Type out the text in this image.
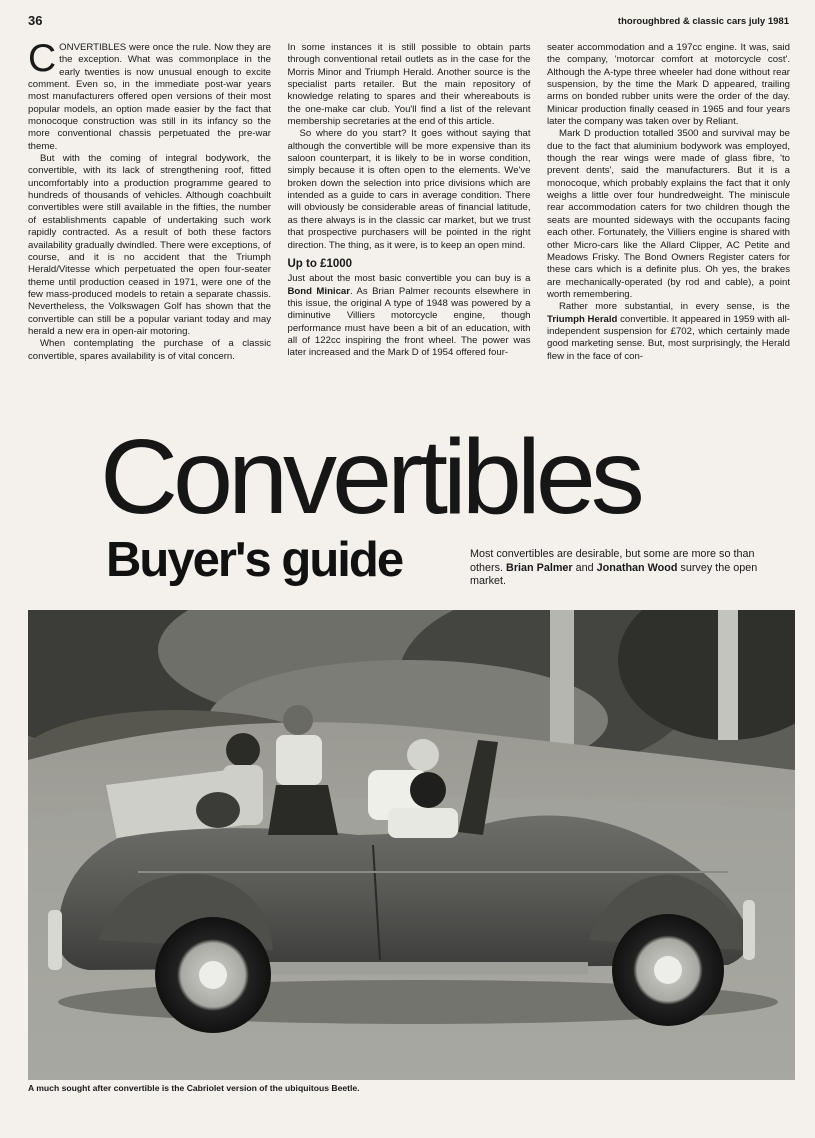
36	thoroughbred & classic cars july 1981

CONVERTIBLES were once the rule. Now they are the exception. What was commonplace in the early twenties is now unusual enough to excite comment. Even so, in the immediate post-war years most manufacturers offered open versions of their most popular models, an option made easier by the fact that monocoque construction was still in its infancy so the more conventional chassis perpetuated the pre-war theme.

But with the coming of integral bodywork, the convertible, with its lack of strengthening roof, fitted uncomfortably into a production programme geared to hundreds of thousands of vehicles. Although coachbuilt convertibles were still available in the fifties, the number of establishments capable of undertaking such work rapidly contracted. As a result of both these factors availability gradually dwindled. There were exceptions, of course, and it is no accident that the Triumph Herald/Vitesse which perpetuated the open four-seater theme until production ceased in 1971, were one of the few mass-produced models to retain a separate chassis. Nevertheless, the Volkswagen Golf has shown that the convertible can still be a popular variant today and may herald a new era in open-air motoring.

When contemplating the purchase of a classic convertible, spares availability is of vital concern.

In some instances it is still possible to obtain parts through conventional retail outlets as in the case for the Morris Minor and Triumph Herald. Another source is the specialist parts retailer. But the main repository of knowledge relating to spares and their whereabouts is the one-make car club. You'll find a list of the relevant membership secretaries at the end of this article.

So where do you start? It goes without saying that although the convertible will be more expensive than its saloon counterpart, it is likely to be in worse condition, simply because it is often open to the elements. We've broken down the selection into price divisions which are intended as a guide to cars in average condition. There will obviously be considerable areas of financial latitude, as there always is in the classic car market, but we trust that prospective purchasers will be pointed in the right direction. The thing, as it were, is to keep an open mind.

Up to £1000

Just about the most basic convertible you can buy is a Bond Minicar. As Brian Palmer recounts elsewhere in this issue, the original A type of 1948 was powered by a diminutive Villiers motorcycle engine, though performance must have been a bit of an education, with all of 122cc inspiring the front wheel. The power was later increased and the Mark D of 1954 offered four-

seater accommodation and a 197cc engine. It was, said the company, 'motorcar comfort at motorcycle cost'. Although the A-type three wheeler had done without rear suspension, by the time the Mark D appeared, trailing arms on bonded rubber units were the order of the day. Minicar production finally ceased in 1965 and four years later the company was taken over by Reliant.

Mark D production totalled 3500 and survival may be due to the fact that aluminium bodywork was employed, though the rear wings were made of glass fibre, 'to prevent dents', said the manufacturers. But it is a monocoque, which probably explains the fact that it only weighs a little over four hundredweight. The miniscule rear accommodation caters for two children though the seats are mounted sideways with the occupants facing each other. Fortunately, the Villiers engine is shared with other Micro-cars like the Allard Clipper, AC Petite and Meadows Frisky. The Bond Owners Register caters for these cars which is a definite plus. Oh yes, the brakes are mechanically-operated (by rod and cable), a point worth remembering.

Rather more substantial, in every sense, is the Triumph Herald convertible. It appeared in 1959 with all-independent suspension for £702, which certainly made good marketing sense. But, most surprisingly, the Herald flew in the face of con-

Convertibles
Buyer's guide	Most convertibles are desirable, but some are more so than others. Brian Palmer and Jonathan Wood survey the open market.
A much sought after convertible is the Cabriolet version of the ubiquitous Beetle.
